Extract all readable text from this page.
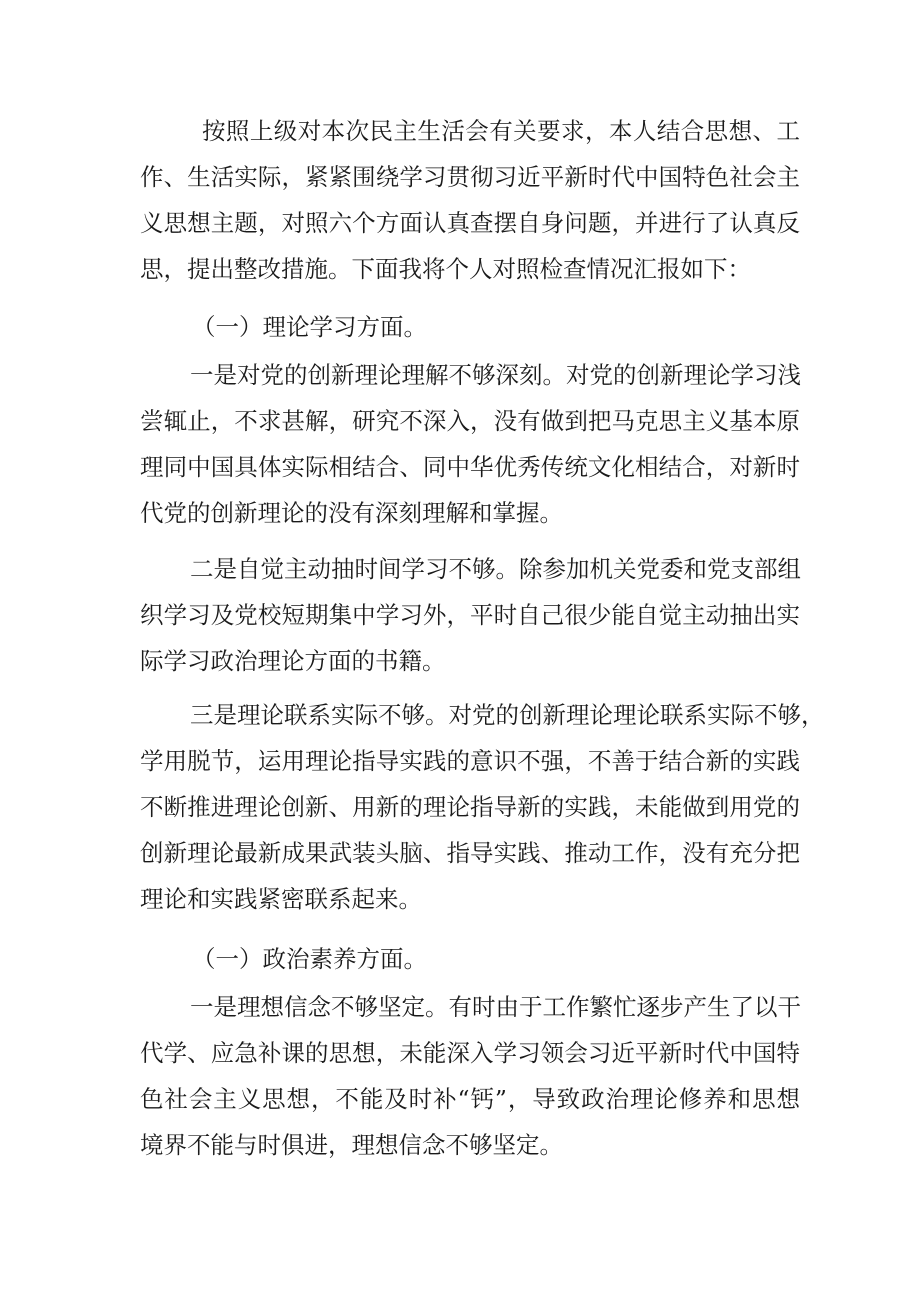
按照上级对本次民主生活会有关要求，本人结合思想、工
作、生活实际，紧紧围绕学习贯彻习近平新时代中国特色社会主
义思想主题，对照六个方面认真查摆自身问题，并进行了认真反
思，提出整改措施。下面我将个人对照检查情况汇报如下：
（一）理论学习方面。
一是对党的创新理论理解不够深刻。对党的创新理论学习浅
尝辄止，不求甚解，研究不深入，没有做到把马克思主义基本原
理同中国具体实际相结合、同中华优秀传统文化相结合，对新时
代党的创新理论的没有深刻理解和掌握。
二是自觉主动抽时间学习不够。除参加机关党委和党支部组
织学习及党校短期集中学习外，平时自己很少能自觉主动抽出实
际学习政治理论方面的书籍。
三是理论联系实际不够。对党的创新理论理论联系实际不够，
学用脱节，运用理论指导实践的意识不强，不善于结合新的实践
不断推进理论创新、用新的理论指导新的实践，未能做到用党的
创新理论最新成果武装头脑、指导实践、推动工作，没有充分把
理论和实践紧密联系起来。
（一）政治素养方面。
一是理想信念不够坚定。有时由于工作繁忙逐步产生了以干
代学、应急补课的思想，未能深入学习领会习近平新时代中国特
色社会主义思想，不能及时补“钙”，导致政治理论修养和思想
境界不能与时俱进，理想信念不够坚定。
